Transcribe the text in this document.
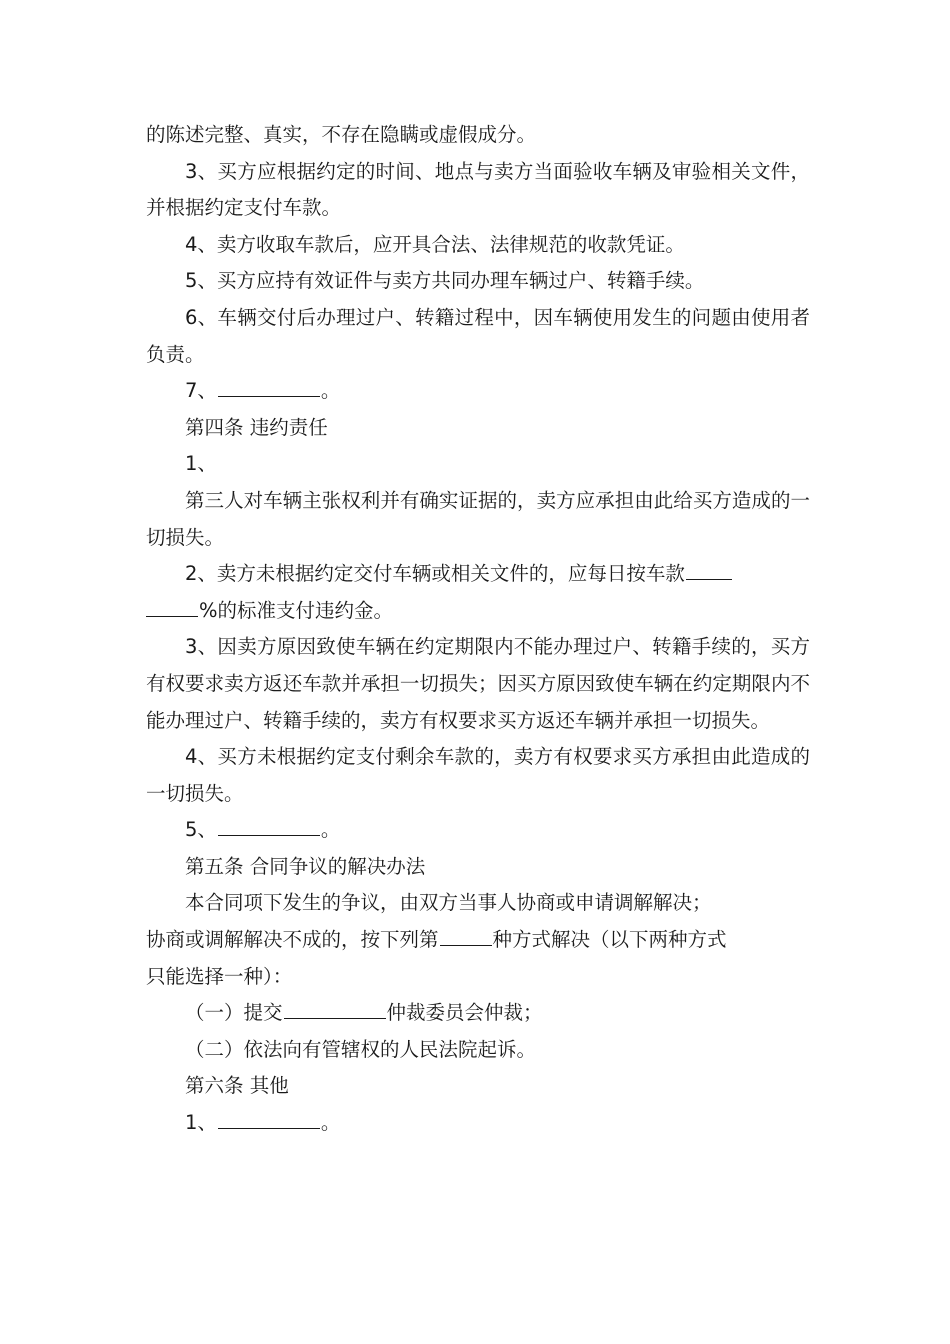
的陈述完整、真实，不存在隐瞒或虚假成分。

3、买方应根据约定的时间、地点与卖方当面验收车辆及审验相关文件，并根据约定支付车款。

4、卖方收取车款后，应开具合法、法律规范的收款凭证。

5、买方应持有效证件与卖方共同办理车辆过户、转籍手续。

6、车辆交付后办理过户、转籍过程中，因车辆使用发生的问题由使用者负责。

7、	。

第四条 违约责任

1、

第三人对车辆主张权利并有确实证据的，卖方应承担由此给买方造成的一切损失。

2、卖方未根据约定交付车辆或相关文件的，应每日按车款
%的标准支付违约金。

3、因卖方原因致使车辆在约定期限内不能办理过户、转籍手续的，买方有权要求卖方返还车款并承担一切损失；因买方原因致使车辆在约定期限内不能办理过户、转籍手续的，卖方有权要求买方返还车辆并承担一切损失。

4、买方未根据约定支付剩余车款的，卖方有权要求买方承担由此造成的一切损失。

5、	。

第五条 合同争议的解决办法

本合同项下发生的争议，由双方当事人协商或申请调解解决；
协商或调解解决不成的，按下列第	种方式解决（以下两种方式
只能选择一种）：

（一）提交	仲裁委员会仲裁；

（二）依法向有管辖权的人民法院起诉。

第六条 其他

1、	。
